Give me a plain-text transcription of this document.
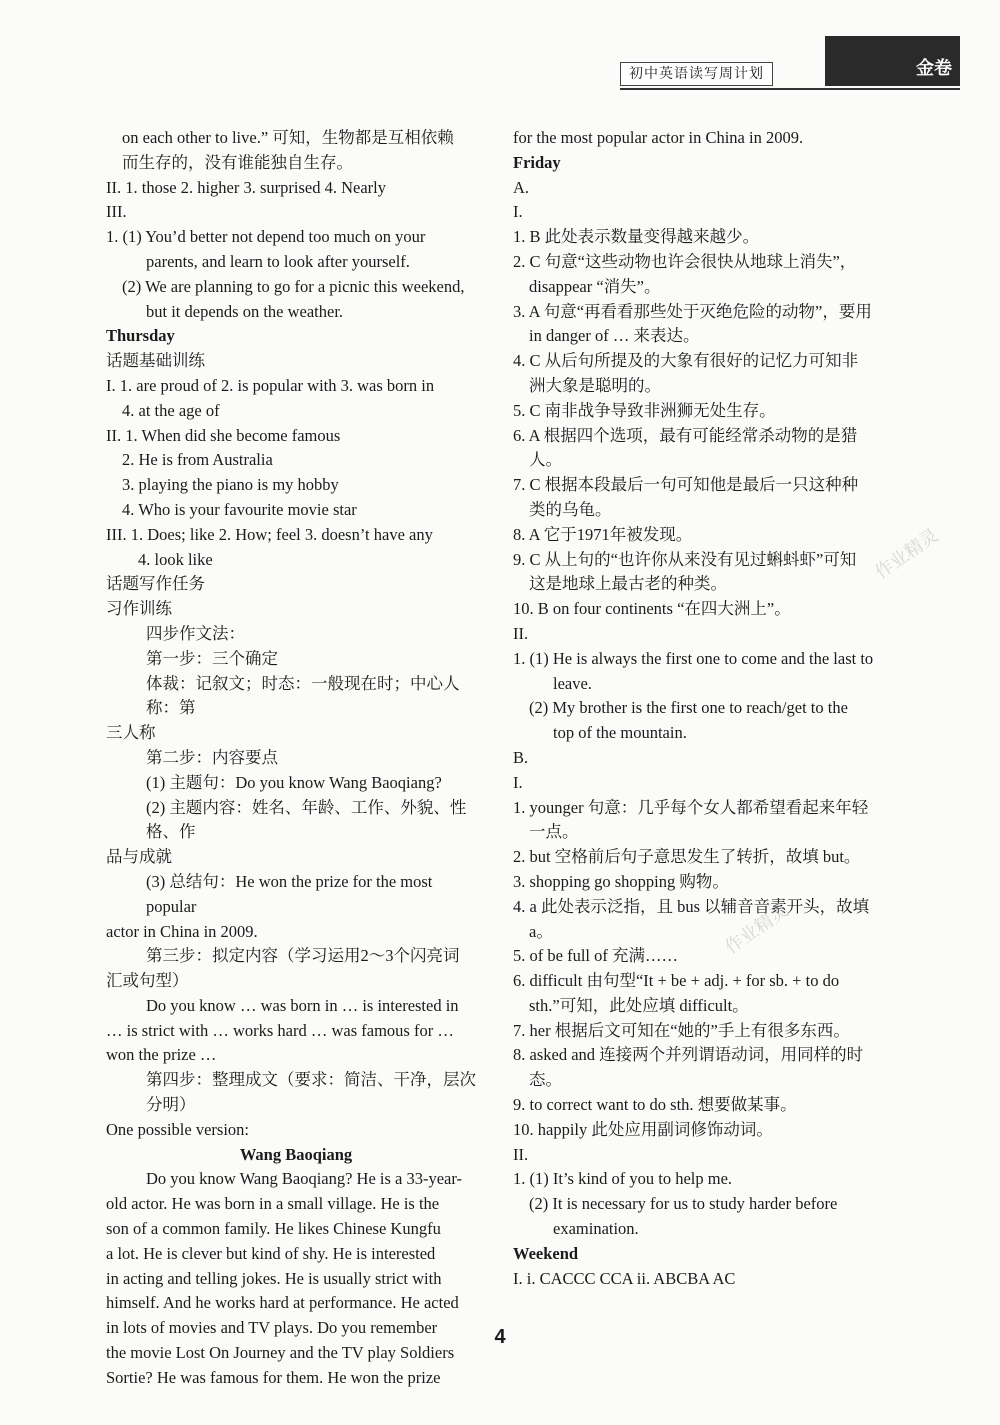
初中英语读写周计划	金卷
on each other to live.” 可知，生物都是互相依赖
而生存的，没有谁能独自生存。
II. 1. those 2. higher 3. surprised 4. Nearly
III.
1. (1) You’d better not depend too much on your
parents, and learn to look after yourself.
(2) We are planning to go for a picnic this weekend,
but it depends on the weather.
Thursday
话题基础训练
I. 1. are proud of 2. is popular with 3. was born in
4. at the age of
II. 1. When did she become famous
2. He is from Australia
3. playing the piano is my hobby
4. Who is your favourite movie star
III. 1. Does; like 2. How; feel 3. doesn’t have any
4. look like
话题写作任务
习作训练
四步作文法：
第一步：三个确定
体裁：记叙文；时态：一般现在时；中心人称：第
三人称
第二步：内容要点
(1) 主题句：Do you know Wang Baoqiang?
(2) 主题内容：姓名、年龄、工作、外貌、性格、作
品与成就
(3) 总结句：He won the prize for the most popular
actor in China in 2009.
第三步：拟定内容（学习运用2～3个闪亮词
汇或句型）
Do you know … was born in … is interested in
… is strict with … works hard … was famous for …
won the prize …
第四步：整理成文（要求：简洁、干净，层次分明）
One possible version:
Wang Baoqiang
Do you know Wang Baoqiang? He is a 33-year-
old actor. He was born in a small village. He is the
son of a common family. He likes Chinese Kungfu
a lot. He is clever but kind of shy. He is interested
in acting and telling jokes. He is usually strict with
himself. And he works hard at performance. He acted
in lots of movies and TV plays. Do you remember
the movie Lost On Journey and the TV play Soldiers
Sortie? He was famous for them. He won the prize
for the most popular actor in China in 2009.
Friday
A.
I.
1. B 此处表示数量变得越来越少。
2. C 句意“这些动物也许会很快从地球上消失”，
disappear “消失”。
3. A 句意“再看看那些处于灭绝危险的动物”，要用
in danger of … 来表达。
4. C 从后句所提及的大象有很好的记忆力可知非
洲大象是聪明的。
5. C 南非战争导致非洲狮无处生存。
6. A 根据四个选项，最有可能经常杀动物的是猎
人。
7. C 根据本段最后一句可知他是最后一只这种种
类的乌龟。
8. A 它于1971年被发现。
9. C 从上句的“也许你从来没有见过蝌蚪虾”可知
这是地球上最古老的种类。
10. B on four continents “在四大洲上”。
II.
1. (1) He is always the first one to come and the last to
leave.
(2) My brother is the first one to reach/get to the
top of the mountain.
B.
I.
1. younger 句意：几乎每个女人都希望看起来年轻
一点。
2. but 空格前后句子意思发生了转折，故填 but。
3. shopping go shopping 购物。
4. a 此处表示泛指，且 bus 以辅音音素开头，故填
a。
5. of be full of 充满……
6. difficult 由句型“It + be + adj. + for sb. + to do
sth.”可知，此处应填 difficult。
7. her 根据后文可知在“她的”手上有很多东西。
8. asked and 连接两个并列谓语动词，用同样的时
态。
9. to correct want to do sth. 想要做某事。
10. happily 此处应用副词修饰动词。
II.
1. (1) It’s kind of you to help me.
(2) It is necessary for us to study harder before
examination.
Weekend
I. i. CACCC CCA ii. ABCBA AC
作业精灵
作业精灵
4
